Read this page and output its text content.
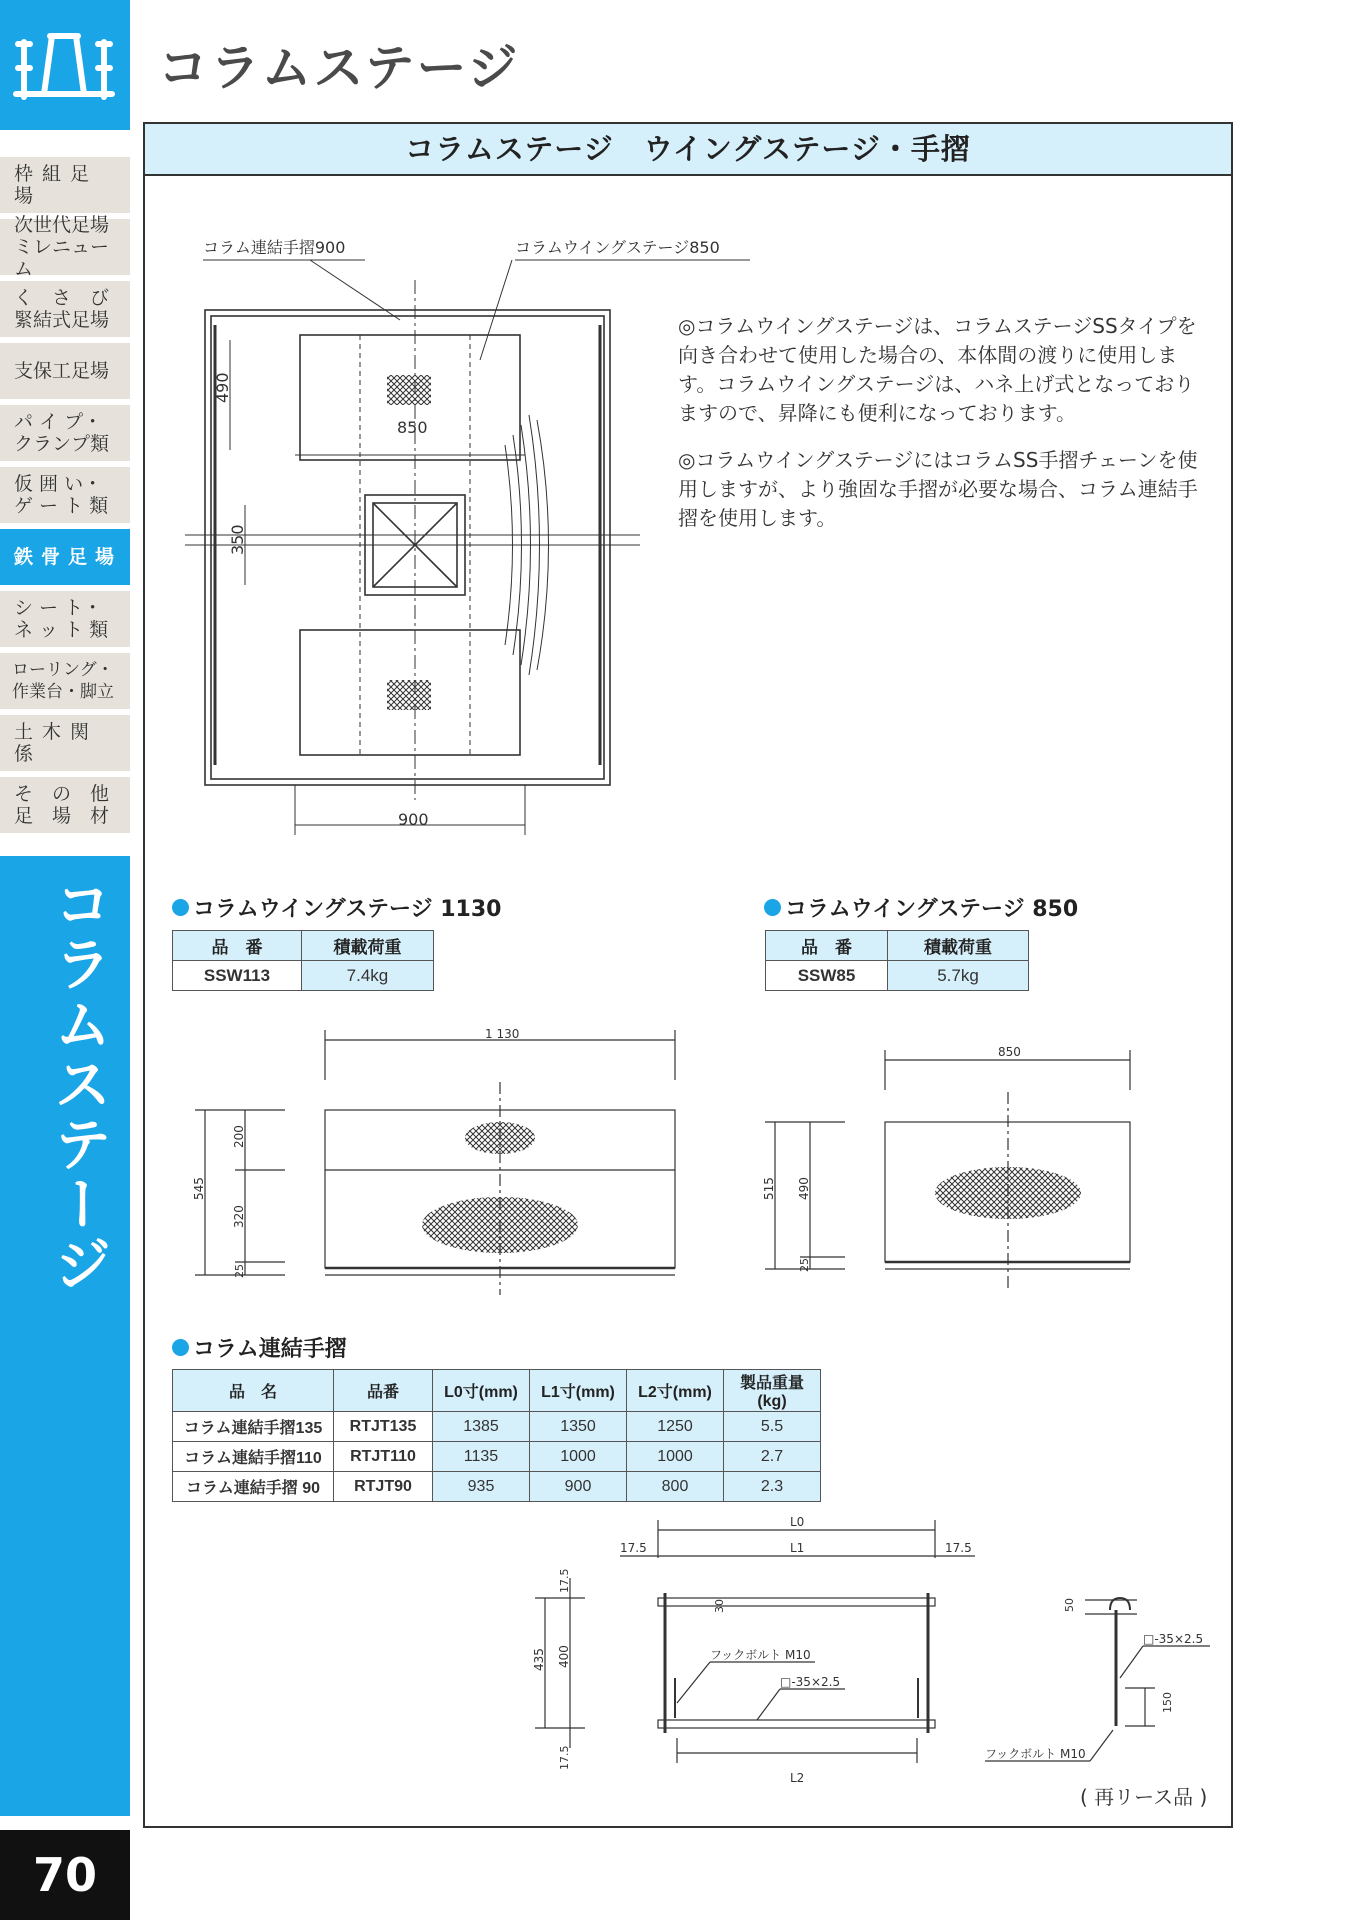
コラムステージ
枠組足場
次世代足場
ミレニューム
く　さ　び
緊結式足場
支保工足場
パ イ プ・
クランプ類
仮 囲 い・
ゲ ー ト 類
鉄骨足場
シ ー ト・
ネ ッ ト 類
ローリング・
作業台・脚立
土木関係
そ　の　他
足　場　材
コラムステージ
70
コラムステージ　ウイングステージ・手摺
コラム連結手摺900	コラムウイングステージ850
490
850
350
900

◎コラムウイングステージは、コラムステージSSタイプを向き合わせて使用した場合の、本体間の渡りに使用します。コラムウイングステージは、ハネ上げ式となっておりますので、昇降にも便利になっております。

◎コラムウイングステージにはコラムSS手摺チェーンを使用しますが、より強固な手摺が必要な場合、コラム連結手摺を使用します。

コラムウイングステージ 1130
品　番	積載荷重
SSW113	7.4kg
コラムウイングステージ 850
品　番	積載荷重
SSW85	5.7kg
1 130
545
200
320
25
850
515 490
25
コラム連結手摺
品　名	品番	L0寸(mm)	L1寸(mm)	L2寸(mm)	製品重量(kg)
コラム連結手摺135	RTJT135	1385	1350	1250	5.5
コラム連結手摺110	RTJT110	1135	1000	1000	2.7
コラム連結手摺 90	RTJT90	935	900	800	2.3
L0
L1
17.5	17.5
435 400
17.5
17.5
30
フックボルト M10
□-35×2.5
L2
50
□-35×2.5
150
フックボルト M10
( 再リース品 )
